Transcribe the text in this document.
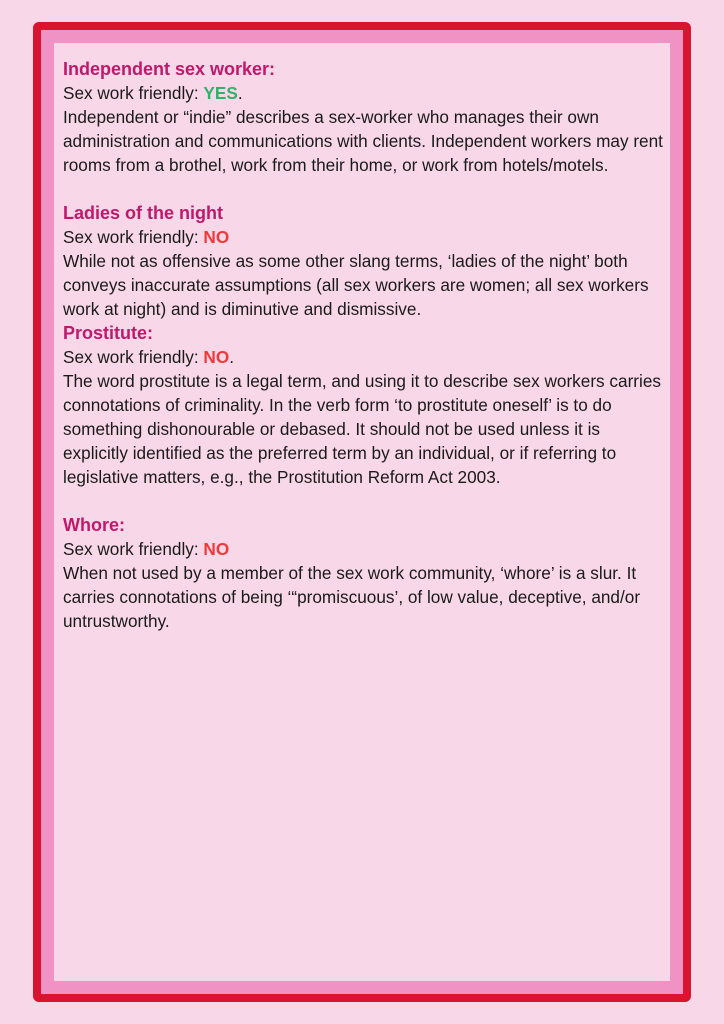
Independent sex worker:

Sex work friendly: YES.

Independent or “indie” describes a sex-worker who manages their own administration and communications with clients. Independent workers may rent rooms from a brothel, work from their home, or work from hotels/motels.

Ladies of the night

Sex work friendly: NO

While not as offensive as some other slang terms, ‘ladies of the night’ both conveys inaccurate assumptions (all sex workers are women; all sex workers work at night) and is diminutive and dismissive.

Prostitute:

Sex work friendly: NO.

The word prostitute is a legal term, and using it to describe sex workers carries connotations of criminality. In the verb form ‘to prostitute oneself’ is to do something dishonourable or debased. It should not be used unless it is explicitly identified as the preferred term by an individual, or if referring to legislative matters, e.g., the Prostitution Reform Act 2003.

Whore:

Sex work friendly: NO

When not used by a member of the sex work community, ‘whore’ is a slur. It carries connotations of being ‘“promiscuous’, of low value, deceptive, and/or untrustworthy.
